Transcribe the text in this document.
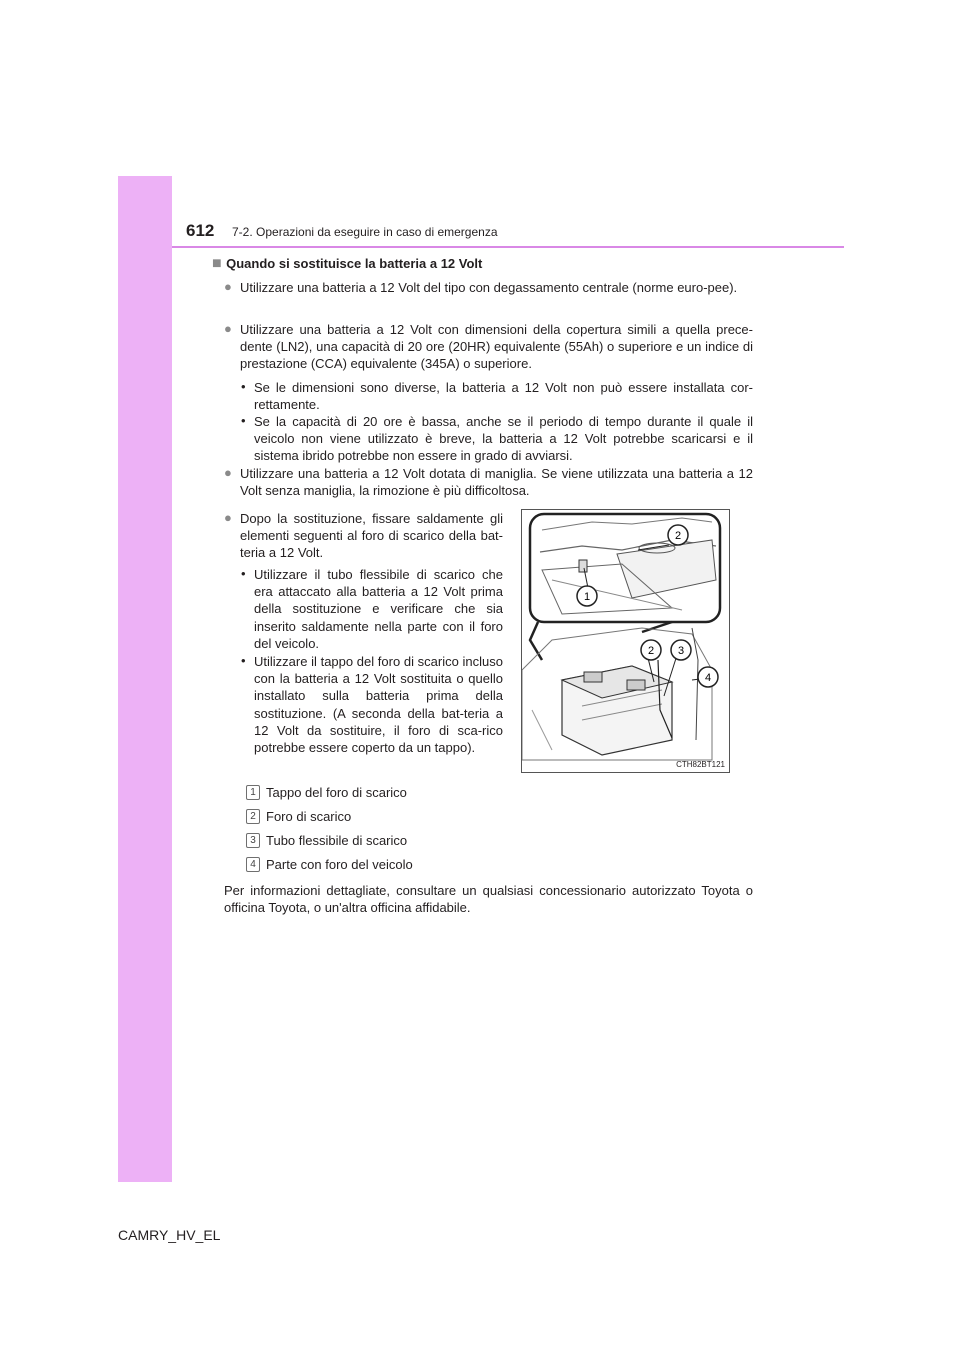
612 7-2. Operazioni da eseguire in caso di emergenza
■ Quando si sostituisce la batteria a 12 Volt
● Utilizzare una batteria a 12 Volt del tipo con degassamento centrale (norme euro-pee).
● Utilizzare una batteria a 12 Volt con dimensioni della copertura simili a quella prece-dente (LN2), una capacità di 20 ore (20HR) equivalente (55Ah) o superiore e un indice di prestazione (CCA) equivalente (345A) o superiore.
• Se le dimensioni sono diverse, la batteria a 12 Volt non può essere installata cor-rettamente.
• Se la capacità di 20 ore è bassa, anche se il periodo di tempo durante il quale il veicolo non viene utilizzato è breve, la batteria a 12 Volt potrebbe scaricarsi e il sistema ibrido potrebbe non essere in grado di avviarsi.
● Utilizzare una batteria a 12 Volt dotata di maniglia. Se viene utilizzata una batteria a 12 Volt senza maniglia, la rimozione è più difficoltosa.
● Dopo la sostituzione, fissare saldamente gli elementi seguenti al foro di scarico della bat-teria a 12 Volt.
• Utilizzare il tubo flessibile di scarico che era attaccato alla batteria a 12 Volt prima della sostituzione e verificare che sia inserito saldamente nella parte con il foro del veicolo.
• Utilizzare il tappo del foro di scarico incluso con la batteria a 12 Volt sostituita o quello installato sulla batteria prima della sostituzione. (A seconda della bat-teria a 12 Volt da sostituire, il foro di sca-rico potrebbe essere coperto da un tappo).
1
2
2 3
4
CTH82BT121
1 Tappo del foro di scarico
2 Foro di scarico
3 Tubo flessibile di scarico
4 Parte con foro del veicolo
Per informazioni dettagliate, consultare un qualsiasi concessionario autorizzato Toyota o officina Toyota, o un'altra officina affidabile.
CAMRY_HV_EL
